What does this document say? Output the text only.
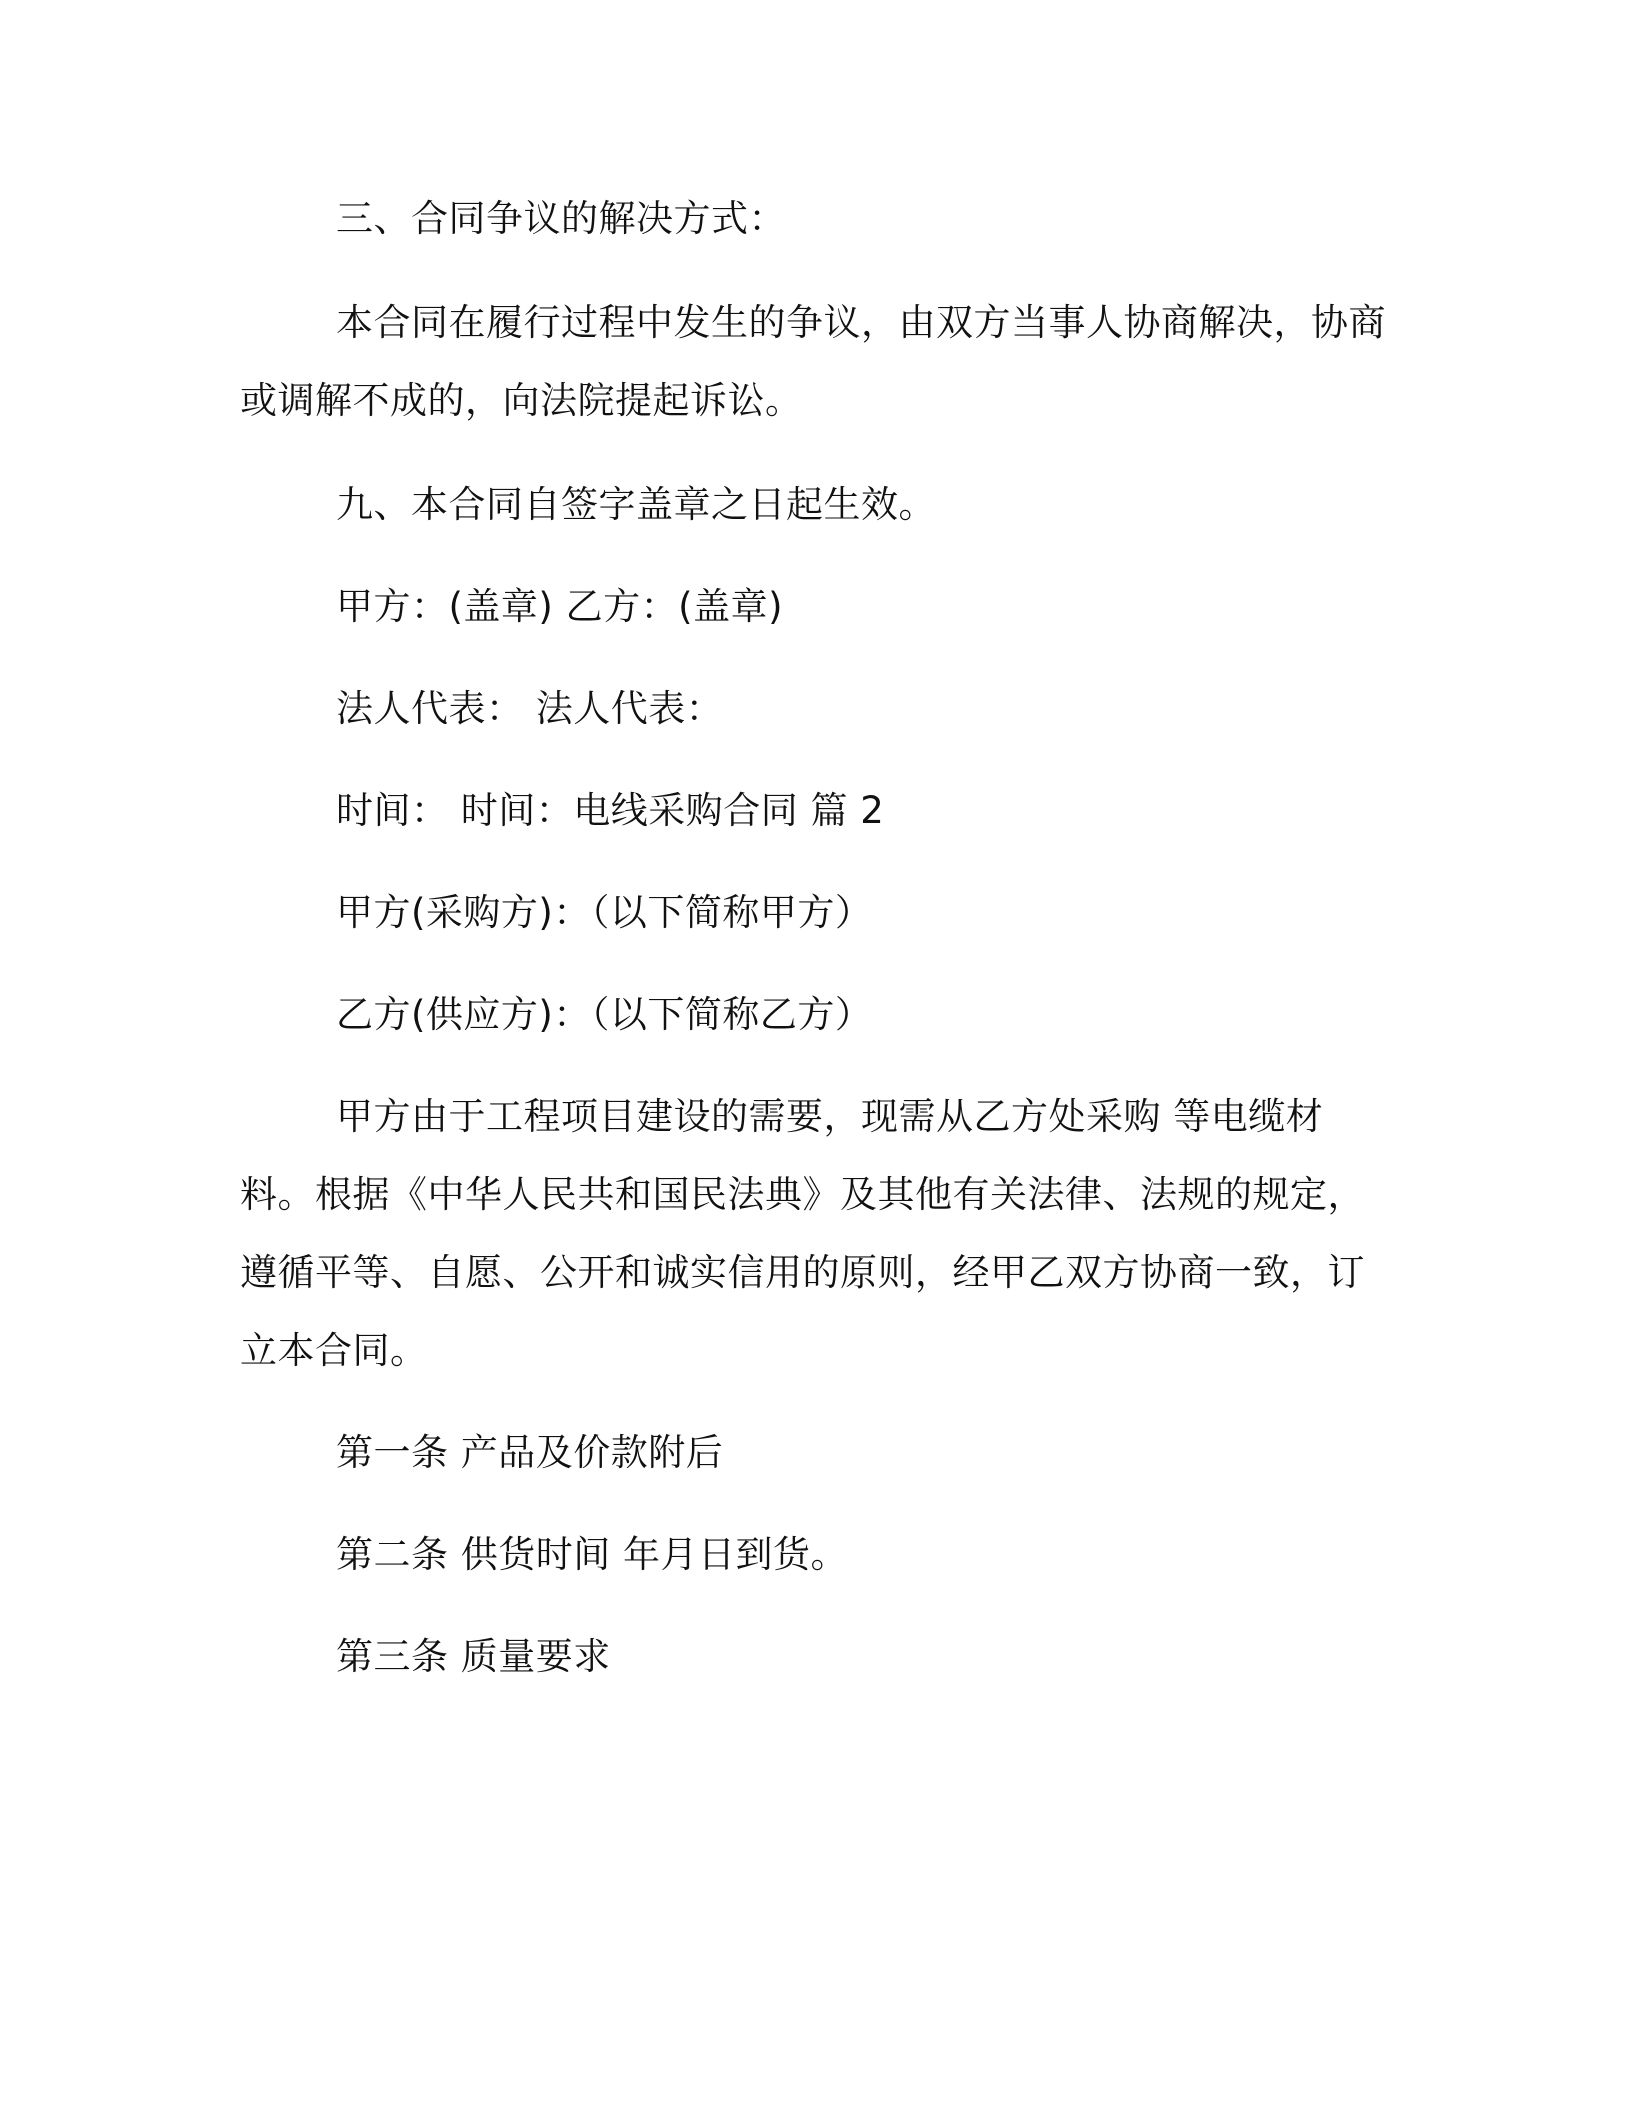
三、合同争议的解决方式：

本合同在履行过程中发生的争议，由双方当事人协商解决，协商或调解不成的，向法院提起诉讼。

九、本合同自签字盖章之日起生效。

甲方：(盖章) 乙方：(盖章)

法人代表： 法人代表：

时间： 时间：电线采购合同 篇 2

甲方(采购方)：（以下简称甲方）

乙方(供应方)：（以下简称乙方）

甲方由于工程项目建设的需要，现需从乙方处采购 等电缆材料。根据《中华人民共和国民法典》及其他有关法律、法规的规定，遵循平等、自愿、公开和诚实信用的原则，经甲乙双方协商一致，订立本合同。

第一条 产品及价款附后

第二条 供货时间 年月日到货。

第三条 质量要求
